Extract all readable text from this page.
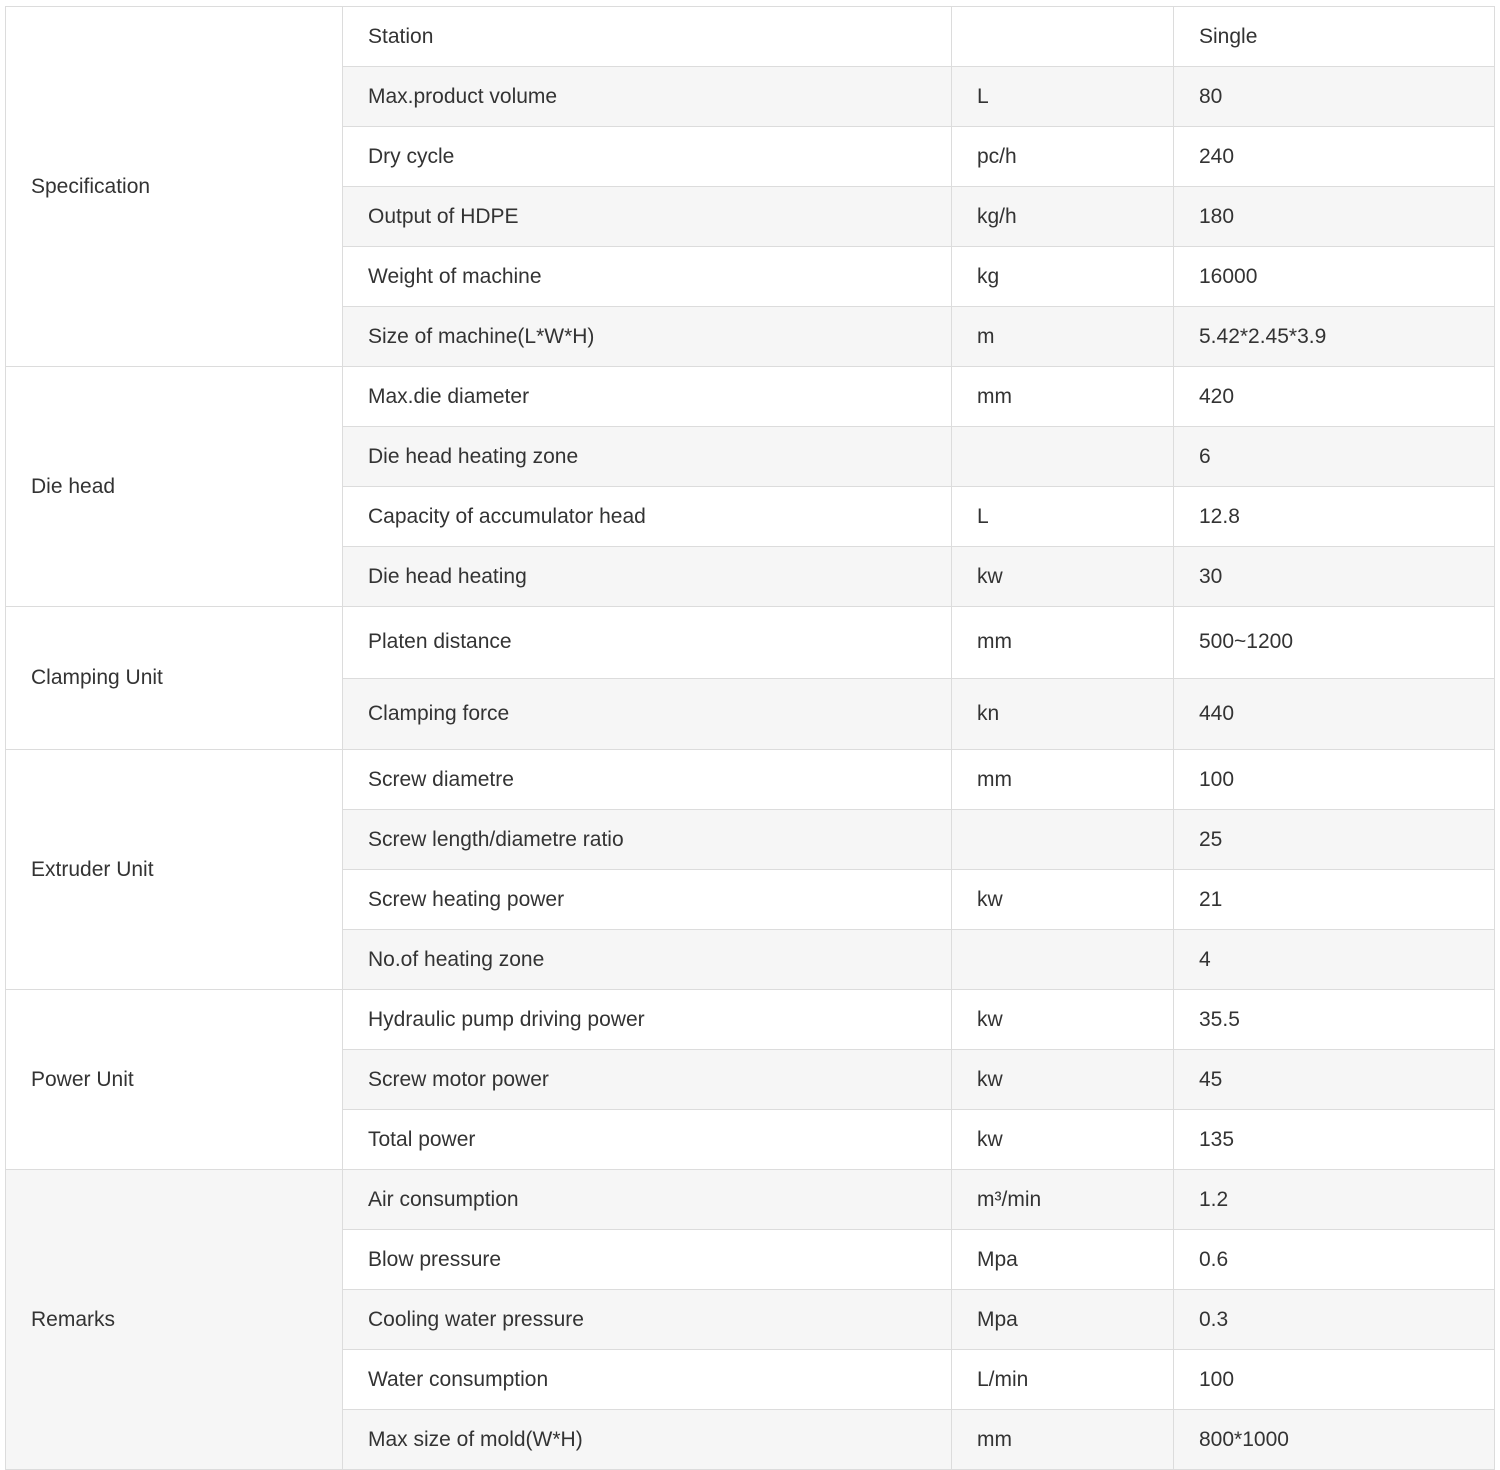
Specification	Station		Single
	Max.product volume	L	80
	Dry cycle	pc/h	240
	Output of HDPE	kg/h	180
	Weight of machine	kg	16000
	Size of machine(L*W*H)	m	5.42*2.45*3.9
Die head	Max.die diameter	mm	420
	Die head heating zone		6
	Capacity of accumulator head	L	12.8
	Die head heating	kw	30
Clamping Unit	Platen distance	mm	500~1200
	Clamping force	kn	440
Extruder Unit	Screw diametre	mm	100
	Screw length/diametre ratio		25
	Screw heating power	kw	21
	No.of heating zone		4
Power Unit	Hydraulic pump driving power	kw	35.5
	Screw motor power	kw	45
	Total power	kw	135
Remarks	Air consumption	m³/min	1.2
	Blow pressure	Mpa	0.6
	Cooling water pressure	Mpa	0.3
	Water consumption	L/min	100
	Max size of mold(W*H)	mm	800*1000
